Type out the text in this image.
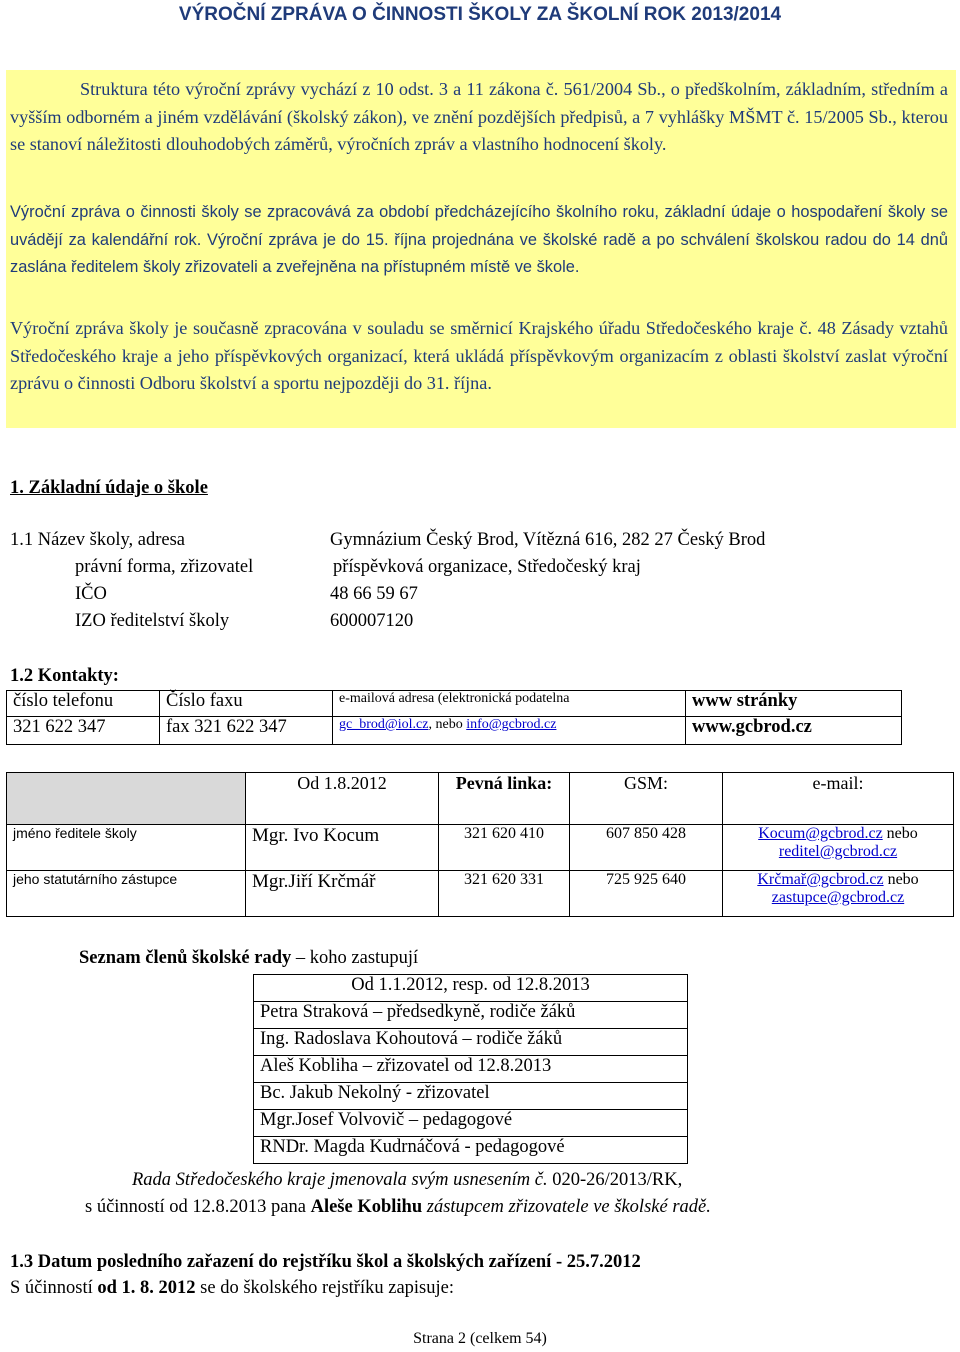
VÝROČNÍ ZPRÁVA O ČINNOSTI ŠKOLY ZA ŠKOLNÍ ROK 2013/2014

Struktura této výroční zprávy vychází z 10 odst. 3 a 11 zákona č. 561/2004 Sb., o předškolním, základním, středním a vyšším odborném a jiném vzdělávání (školský zákon), ve znění pozdějších předpisů, a 7 vyhlášky MŠMT č. 15/2005 Sb., kterou se stanoví náležitosti dlouhodobých záměrů, výročních zpráv a vlastního hodnocení školy.

Výroční zpráva o činnosti školy se zpracovává za období předcházejícího školního roku, základní údaje o hospodaření školy se uvádějí za kalendářní rok. Výroční zpráva je do 15. října projednána ve školské radě a po schválení školskou radou do 14 dnů zaslána ředitelem školy zřizovateli a zveřejněna na přístupném místě ve škole.

Výroční zpráva školy je současně zpracována v souladu se směrnicí Krajského úřadu Středočeského kraje č. 48 Zásady vztahů Středočeského kraje a jeho příspěvkových organizací, která ukládá příspěvkovým organizacím z oblasti školství zaslat výroční zprávu o činnosti Odboru školství a sportu nejpozději do 31. října.

1. Základní údaje o škole
1.1 Název školy, adresa	Gymnázium Český Brod, Vítězná 616, 282 27 Český Brod
právní forma, zřizovatel	příspěvková organizace, Středočeský kraj
IČO	48 66 59 67
IZO ředitelství školy	600007120
1.2 Kontakty:
číslo telefonu	Číslo faxu	e-mailová adresa (elektronická podatelna	www stránky
321 622 347	fax 321 622 347	gc_brod@iol.cz, nebo info@gcbrod.cz	www.gcbrod.cz
	Od 1.8.2012	Pevná linka:	GSM:	e-mail:
jméno ředitele školy	Mgr. Ivo Kocum	321 620 410	607 850 428	Kocum@gcbrod.cz nebo
reditel@gcbrod.cz
jeho statutárního zástupce	Mgr.Jiří Krčmář	321 620 331	725 925 640	Krčmař@gcbrod.cz nebo
zastupce@gcbrod.cz
Seznam členů školské rady – koho zastupují
Od 1.1.2012, resp. od 12.8.2013
Petra Straková – předsedkyně, rodiče žáků
Ing. Radoslava Kohoutová – rodiče žáků
Aleš Kobliha – zřizovatel od 12.8.2013
Bc. Jakub Nekolný - zřizovatel
Mgr.Josef Volvovič – pedagogové
RNDr. Magda Kudrnáčová - pedagogové
Rada Středočeského kraje jmenovala svým usnesením č. 020-26/2013/RK,
s účinností od 12.8.2013 pana Aleše Koblihu zástupcem zřizovatele ve školské radě.
1.3 Datum posledního zařazení do rejstříku škol a školských zařízení - 25.7.2012
S účinností od 1. 8. 2012 se do školského rejstříku zapisuje:
Strana 2 (celkem 54)
